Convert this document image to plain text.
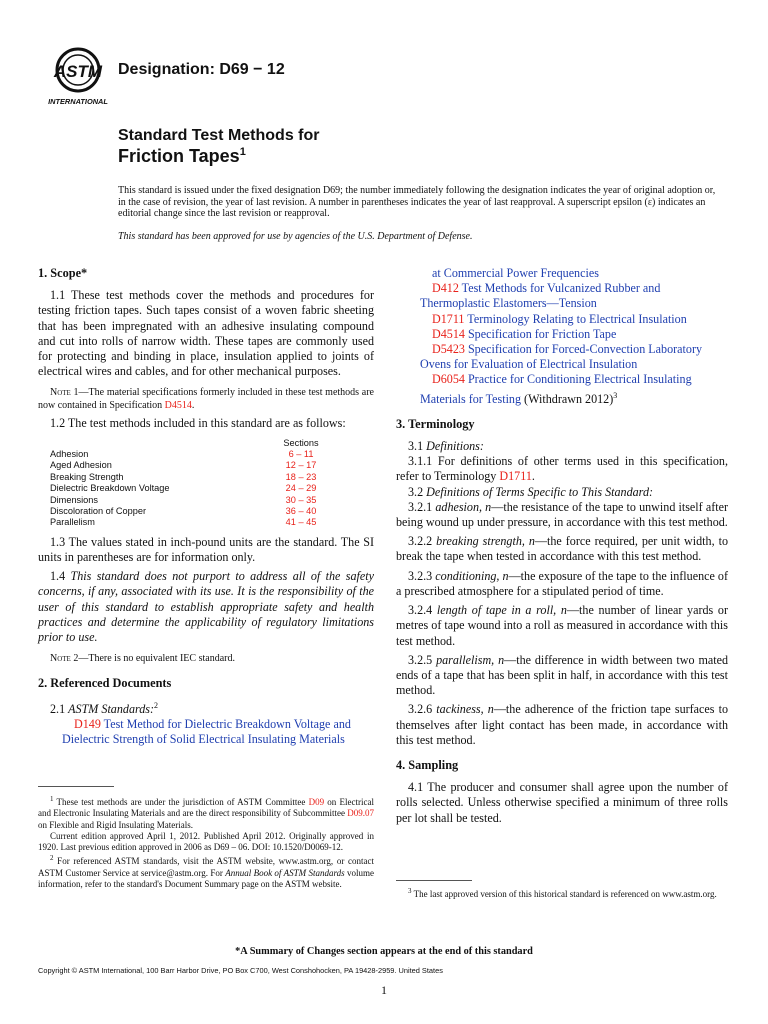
ASTM
INTERNATIONAL
Designation: D69 − 12
Standard Test Methods for
Friction Tapes$^1$
This standard is issued under the fixed designation D69; the number immediately following the designation indicates the year of original adoption or, in the case of revision, the year of last revision. A number in parentheses indicates the year of last reapproval. A superscript epsilon (ε) indicates an editorial change since the last revision or reapproval.
This standard has been approved for use by agencies of the U.S. Department of Defense.
1. Scope*

1.1 These test methods cover the methods and procedures for testing friction tapes. Such tapes consist of a woven fabric sheeting that has been impregnated with an adhesive insulating compound and cut into rolls of narrow width. These tapes are commonly used for protecting and binding in place, insulation applied to joints of electrical wires and cables, and for other mechanical purposes.

Note 1—The material specifications formerly included in these test methods are now contained in Specification D4514.

1.2 The test methods included in this standard are as follows:

	Sections
Adhesion	6 – 11
Aged Adhesion	12 – 17
Breaking Strength	18 – 23
Dielectric Breakdown Voltage	24 – 29
Dimensions	30 – 35
Discoloration of Copper	36 – 40
Parallelism	41 – 45

1.3 The values stated in inch-pound units are the standard. The SI units in parentheses are for information only.

1.4 This standard does not purport to address all of the safety concerns, if any, associated with its use. It is the responsibility of the user of this standard to establish appropriate safety and health practices and determine the applicability of regulatory limitations prior to use.

Note 2—There is no equivalent IEC standard.

2. Referenced Documents

2.1 ASTM Standards:$^2$

D149 Test Method for Dielectric Breakdown Voltage and Dielectric Strength of Solid Electrical Insulating Materials

at Commercial Power Frequencies

D412 Test Methods for Vulcanized Rubber and Thermoplastic Elastomers—Tension

D1711 Terminology Relating to Electrical Insulation

D4514 Specification for Friction Tape

D5423 Specification for Forced-Convection Laboratory Ovens for Evaluation of Electrical Insulation

D6054 Practice for Conditioning Electrical Insulating Materials for Testing (Withdrawn 2012)$^3$

3. Terminology

3.1 Definitions:

3.1.1 For definitions of other terms used in this specification, refer to Terminology D1711.

3.2 Definitions of Terms Specific to This Standard:

3.2.1 adhesion, n—the resistance of the tape to unwind itself after being wound up under pressure, in accordance with this test method.

3.2.2 breaking strength, n—the force required, per unit width, to break the tape when tested in accordance with this test method.

3.2.3 conditioning, n—the exposure of the tape to the influence of a prescribed atmosphere for a stipulated period of time.

3.2.4 length of tape in a roll, n—the number of linear yards or metres of tape wound into a roll as measured in accordance with this test method.

3.2.5 parallelism, n—the difference in width between two mated ends of a tape that has been split in half, in accordance with this test method.

3.2.6 tackiness, n—the adherence of the friction tape surfaces to themselves after light contact has been made, in accordance with this test method.

4. Sampling

4.1 The producer and consumer shall agree upon the number of rolls selected. Unless otherwise specified a minimum of three rolls per lot shall be tested.

$^1$ These test methods are under the jurisdiction of ASTM Committee D09 on Electrical and Electronic Insulating Materials and are the direct responsibility of Subcommittee D09.07 on Flexible and Rigid Insulating Materials.

Current edition approved April 1, 2012. Published April 2012. Originally approved in 1920. Last previous edition approved in 2006 as D69 – 06. DOI: 10.1520/D0069-12.

$^2$ For referenced ASTM standards, visit the ASTM website, www.astm.org, or contact ASTM Customer Service at service@astm.org. For Annual Book of ASTM Standards volume information, refer to the standard's Document Summary page on the ASTM website.

$^3$ The last approved version of this historical standard is referenced on www.astm.org.

*A Summary of Changes section appears at the end of this standard
Copyright © ASTM International, 100 Barr Harbor Drive, PO Box C700, West Conshohocken, PA 19428-2959. United States
1
